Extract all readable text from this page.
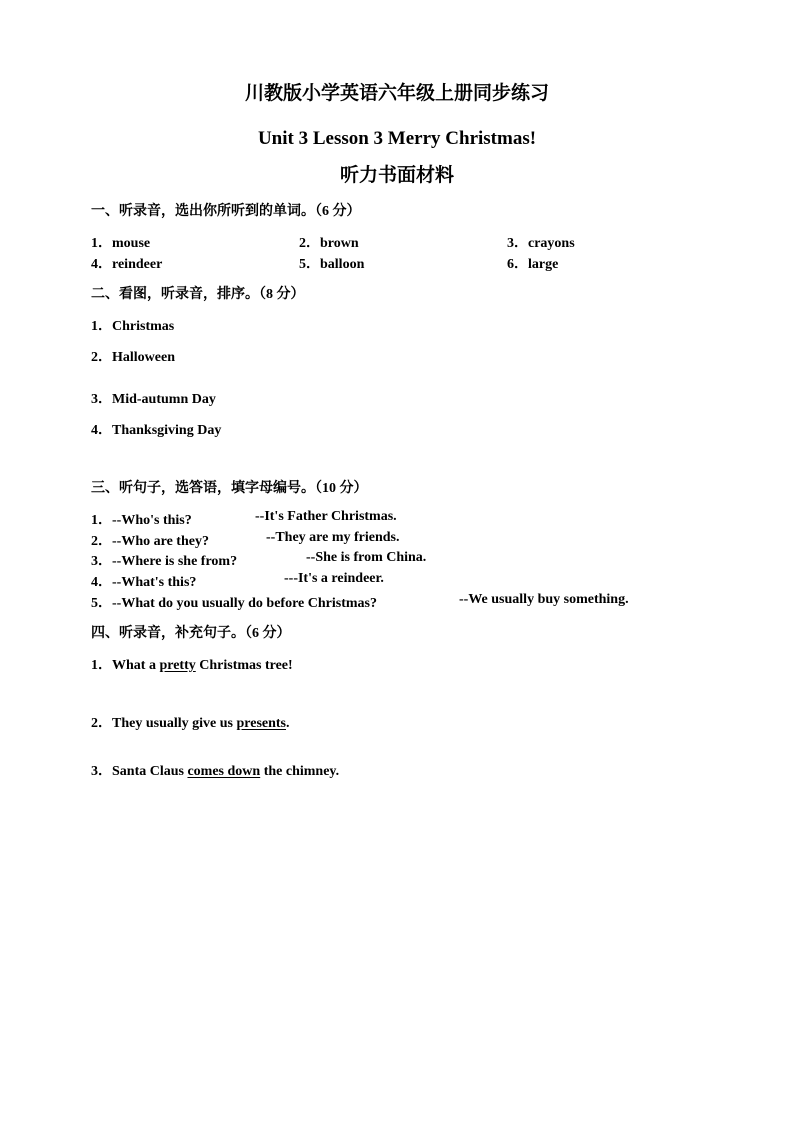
川教版小学英语六年级上册同步练习
Unit 3 Lesson 3 Merry Christmas!
听力书面材料
一、听录音，选出你所听到的单词。（6 分）
1．mouse	2．brown	3．crayons
4．reindeer	5．balloon	6．large
二、看图，听录音，排序。（8 分）
1．Christmas
2．Halloween
3．Mid-autumn Day
4．Thanksgiving Day
三、听句子，选答语，填字母编号。（10 分）
1．--Who's this?	--It's Father Christmas.
2．--Who are they?	--They are my friends.
3．--Where is she from?	--She is from China.
4．--What's this?	---It's a reindeer.
5．--What do you usually do before Christmas?	--We usually buy something.
四、听录音，补充句子。（6 分）
1．What a pretty Christmas tree!
2．They usually give us presents.
3．Santa Claus comes down the chimney.
